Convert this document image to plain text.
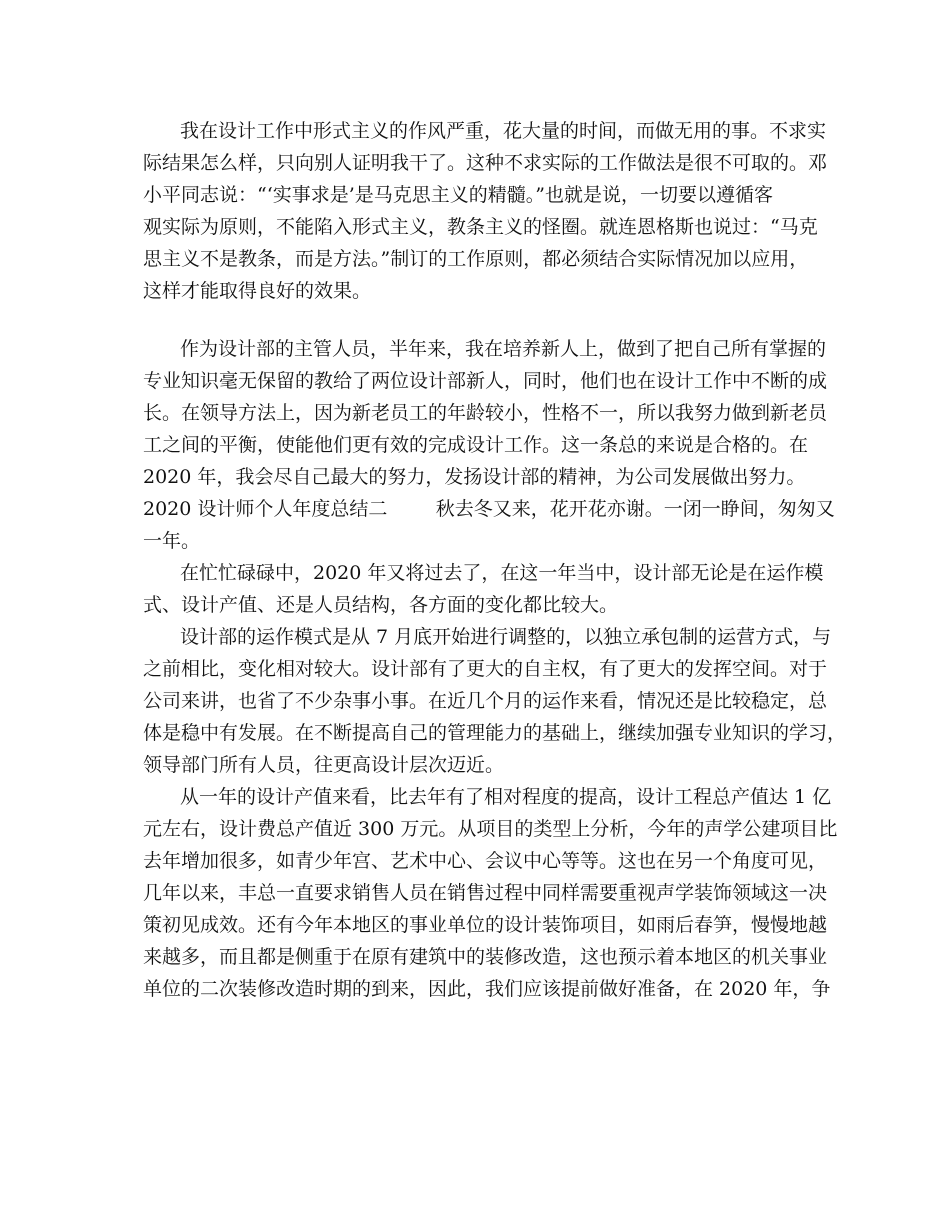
我在设计工作中形式主义的作风严重，花大量的时间，而做无用的事。不求实

际结果怎么样，只向别人证明我干了。这种不求实际的工作做法是很不可取的。邓

小平同志说：“‘实事求是’是马克思主义的精髓。”也就是说，一切要以遵循客

观实际为原则，不能陷入形式主义，教条主义的怪圈。就连恩格斯也说过：“马克

思主义不是教条，而是方法。”制订的工作原则，都必须结合实际情况加以应用，

这样才能取得良好的效果。

作为设计部的主管人员，半年来，我在培养新人上，做到了把自己所有掌握的

专业知识毫无保留的教给了两位设计部新人，同时，他们也在设计工作中不断的成

长。在领导方法上，因为新老员工的年龄较小，性格不一，所以我努力做到新老员

工之间的平衡，使能他们更有效的完成设计工作。这一条总的来说是合格的。在

2020 年，我会尽自己最大的努力，发扬设计部的精神，为公司发展做出努力。

2020 设计师个人年度总结二        秋去冬又来，花开花亦谢。一闭一睁间，匆匆又

一年。

在忙忙碌碌中，2020 年又将过去了，在这一年当中，设计部无论是在运作模

式、设计产值、还是人员结构，各方面的变化都比较大。

设计部的运作模式是从 7 月底开始进行调整的，以独立承包制的运营方式，与

之前相比，变化相对较大。设计部有了更大的自主权，有了更大的发挥空间。对于

公司来讲，也省了不少杂事小事。在近几个月的运作来看，情况还是比较稳定，总

体是稳中有发展。在不断提高自己的管理能力的基础上，继续加强专业知识的学习，

领导部门所有人员，往更高设计层次迈近。

从一年的设计产值来看，比去年有了相对程度的提高，设计工程总产值达 1 亿

元左右，设计费总产值近 300 万元。从项目的类型上分析，今年的声学公建项目比

去年增加很多，如青少年宫、艺术中心、会议中心等等。这也在另一个角度可见，

几年以来，丰总一直要求销售人员在销售过程中同样需要重视声学装饰领域这一决

策初见成效。还有今年本地区的事业单位的设计装饰项目，如雨后春笋，慢慢地越

来越多，而且都是侧重于在原有建筑中的装修改造，这也预示着本地区的机关事业

单位的二次装修改造时期的到来，因此，我们应该提前做好准备，在 2020 年，争
